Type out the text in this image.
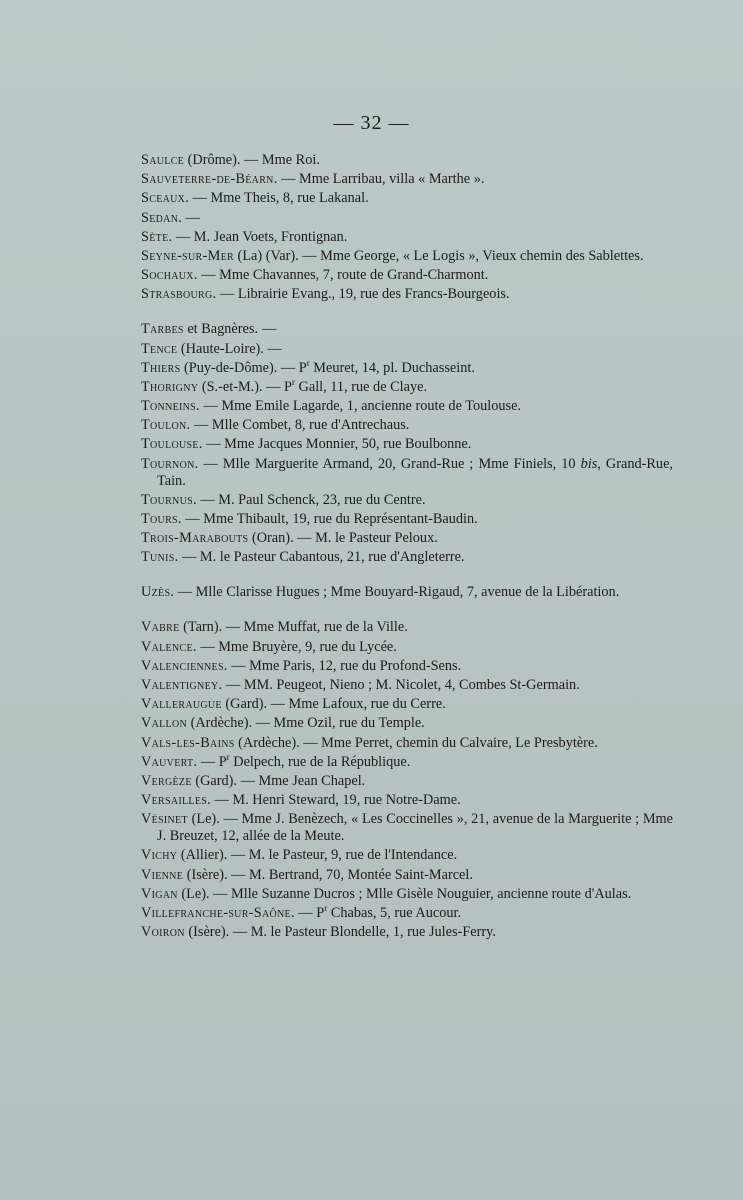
— 32 —

Saulce (Drôme). — Mme Roi.

Sauveterre-de-Béarn. — Mme Larribau, villa « Marthe ».

Sceaux. — Mme Theis, 8, rue Lakanal.

Sedan. —

Sète. — M. Jean Voets, Frontignan.

Seyne-sur-Mer (La) (Var). — Mme George, « Le Logis », Vieux chemin des Sablettes.

Sochaux. — Mme Chavannes, 7, route de Grand-Charmont.

Strasbourg. — Librairie Evang., 19, rue des Francs-Bourgeois.

Tarbes et Bagnères. —

Tence (Haute-Loire). —

Thiers (Puy-de-Dôme). — $P^r$ Meuret, 14, pl. Duchasseint.

Thorigny (S.-et-M.). — $P^r$ Gall, 11, rue de Claye.

Tonneins. — Mme Emile Lagarde, 1, ancienne route de Toulouse.

Toulon. — Mlle Combet, 8, rue d'Antrechaus.

Toulouse. — Mme Jacques Monnier, 50, rue Boulbonne.

Tournon. — Mlle Marguerite Armand, 20, Grand-Rue ; Mme Finiels, 10 bis, Grand-Rue, Tain.

Tournus. — M. Paul Schenck, 23, rue du Centre.

Tours. — Mme Thibault, 19, rue du Représentant-Baudin.

Trois-Marabouts (Oran). — M. le Pasteur Peloux.

Tunis. — M. le Pasteur Cabantous, 21, rue d'Angleterre.

Uzès. — Mlle Clarisse Hugues ; Mme Bouyard-Rigaud, 7, avenue de la Libération.

Vabre (Tarn). — Mme Muffat, rue de la Ville.

Valence. — Mme Bruyère, 9, rue du Lycée.

Valenciennes. — Mme Paris, 12, rue du Profond-Sens.

Valentigney. — MM. Peugeot, Nieno ; M. Nicolet, 4, Combes St-Germain.

Valleraugue (Gard). — Mme Lafoux, rue du Cerre.

Vallon (Ardèche). — Mme Ozil, rue du Temple.

Vals-les-Bains (Ardèche). — Mme Perret, chemin du Calvaire, Le Presbytère.

Vauvert. — $P^r$ Delpech, rue de la République.

Vergèze (Gard). — Mme Jean Chapel.

Versailles. — M. Henri Steward, 19, rue Notre-Dame.

Vésinet (Le). — Mme J. Benèzech, « Les Coccinelles », 21, avenue de la Marguerite ; Mme J. Breuzet, 12, allée de la Meute.

Vichy (Allier). — M. le Pasteur, 9, rue de l'Intendance.

Vienne (Isère). — M. Bertrand, 70, Montée Saint-Marcel.

Vigan (Le). — Mlle Suzanne Ducros ; Mlle Gisèle Nouguier, ancienne route d'Aulas.

Villefranche-sur-Saône. — $P^r$ Chabas, 5, rue Aucour.

Voiron (Isère). — M. le Pasteur Blondelle, 1, rue Jules-Ferry.
